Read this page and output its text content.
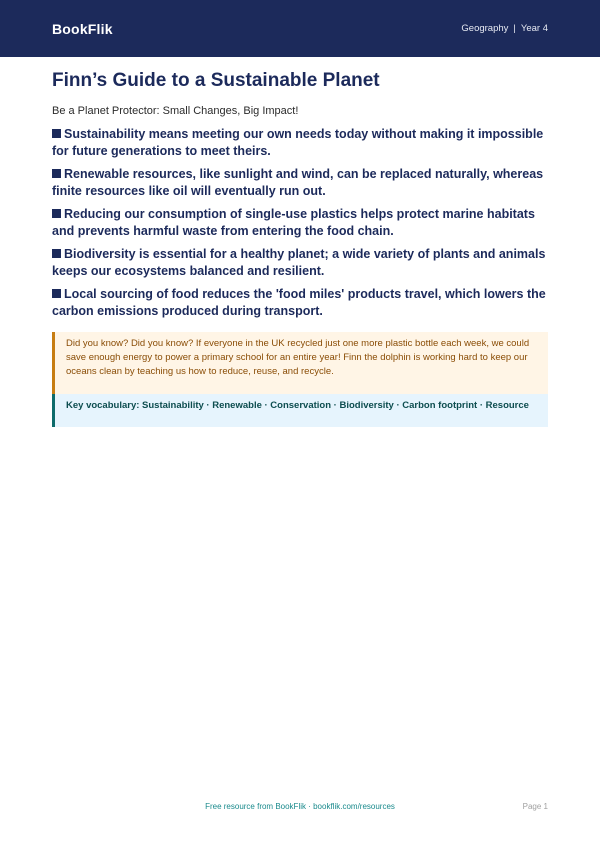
BookFlik	Geography | Year 4
Finn’s Guide to a Sustainable Planet

Be a Planet Protector: Small Changes, Big Impact!

Sustainability means meeting our own needs today without making it impossible for future generations to meet theirs.
Renewable resources, like sunlight and wind, can be replaced naturally, whereas finite resources like oil will eventually run out.
Reducing our consumption of single-use plastics helps protect marine habitats and prevents harmful waste from entering the food chain.
Biodiversity is essential for a healthy planet; a wide variety of plants and animals keeps our ecosystems balanced and resilient.
Local sourcing of food reduces the 'food miles' products travel, which lowers the carbon emissions produced during transport.
Did you know? Did you know? If everyone in the UK recycled just one more plastic bottle each week, we could save enough energy to power a primary school for an entire year! Finn the dolphin is working hard to keep our oceans clean by teaching us how to reduce, reuse, and recycle.
Key vocabulary: Sustainability · Renewable · Conservation · Biodiversity · Carbon footprint · Resource
Free resource from BookFlik · bookflik.com/resources	Page 1
